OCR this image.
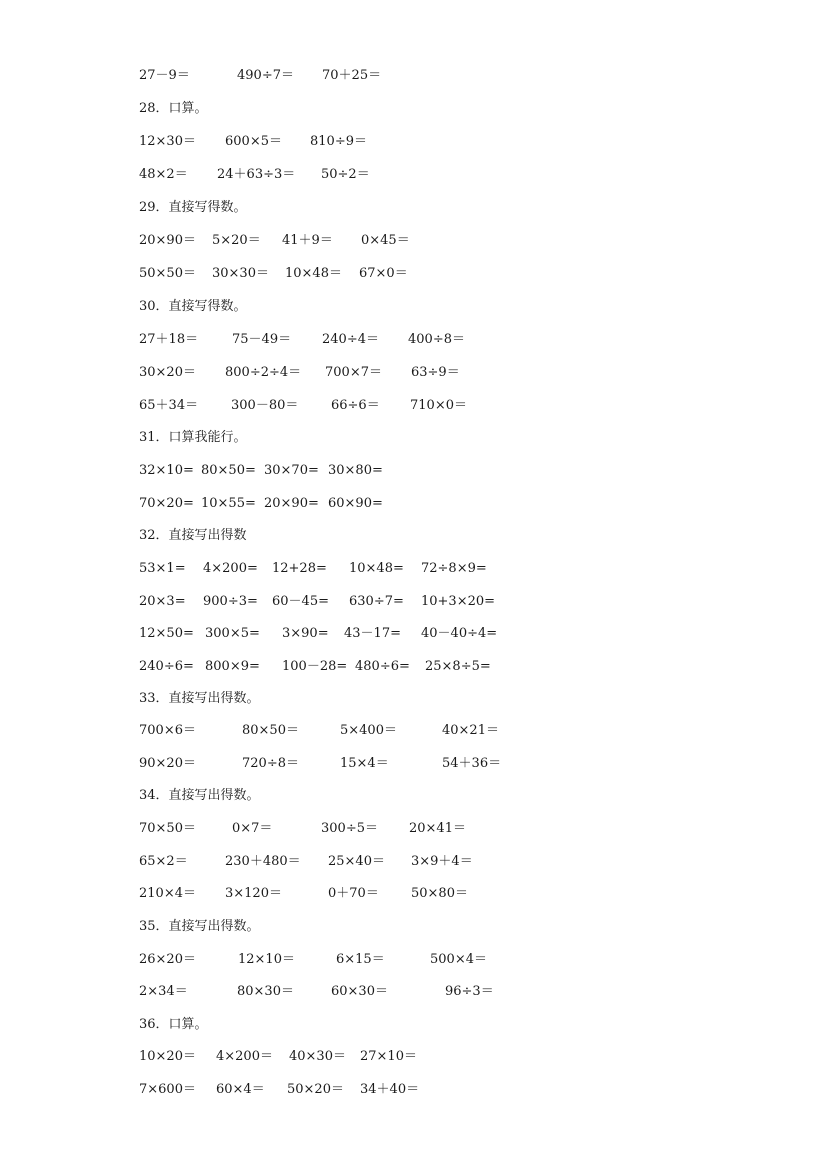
27－9＝	490÷7＝ 70＋25＝
28．口算。
12×30＝ 600×5＝ 810÷9＝
48×2＝ 24＋63÷3＝ 50÷2＝
29．直接写得数。
20×90＝ 5×20＝ 41＋9＝ 0×45＝
50×50＝ 30×30＝ 10×48＝ 67×0＝
30．直接写得数。
27＋18＝	75－49＝ 240÷4＝ 400÷8＝
30×20＝ 800÷2÷4＝ 700×7＝ 63÷9＝
65＋34＝	300－80＝	66÷6＝ 710×0＝
31．口算我能行。
32×10= 80×50= 30×70= 30×80=
70×20= 10×55= 20×90= 60×90=
32．直接写出得数
53×1= 4×200= 12+28= 10×48= 72÷8×9=
20×3= 900÷3= 60－45= 630÷7= 10+3×20=
12×50= 300×5= 3×90= 43－17= 40－40÷4=
240÷6= 800×9= 100－28= 480÷6= 25×8÷5=
33．直接写出得数。
700×6＝	80×50＝	5×400＝	40×21＝
90×20＝	720÷8＝	15×4＝	54＋36＝
34．直接写出得数。
70×50＝	0×7＝	300÷5＝ 20×41＝
65×2＝	230＋480＝ 25×40＝ 3×9＋4＝
210×4＝ 3×120＝	0＋70＝ 50×80＝
35．直接写出得数。
26×20＝	12×10＝	6×15＝	500×4＝
2×34＝	80×30＝	60×30＝	96÷3＝
36．口算。
10×20＝ 4×200＝ 40×30＝ 27×10＝
7×600＝ 60×4＝ 50×20＝ 34＋40＝
